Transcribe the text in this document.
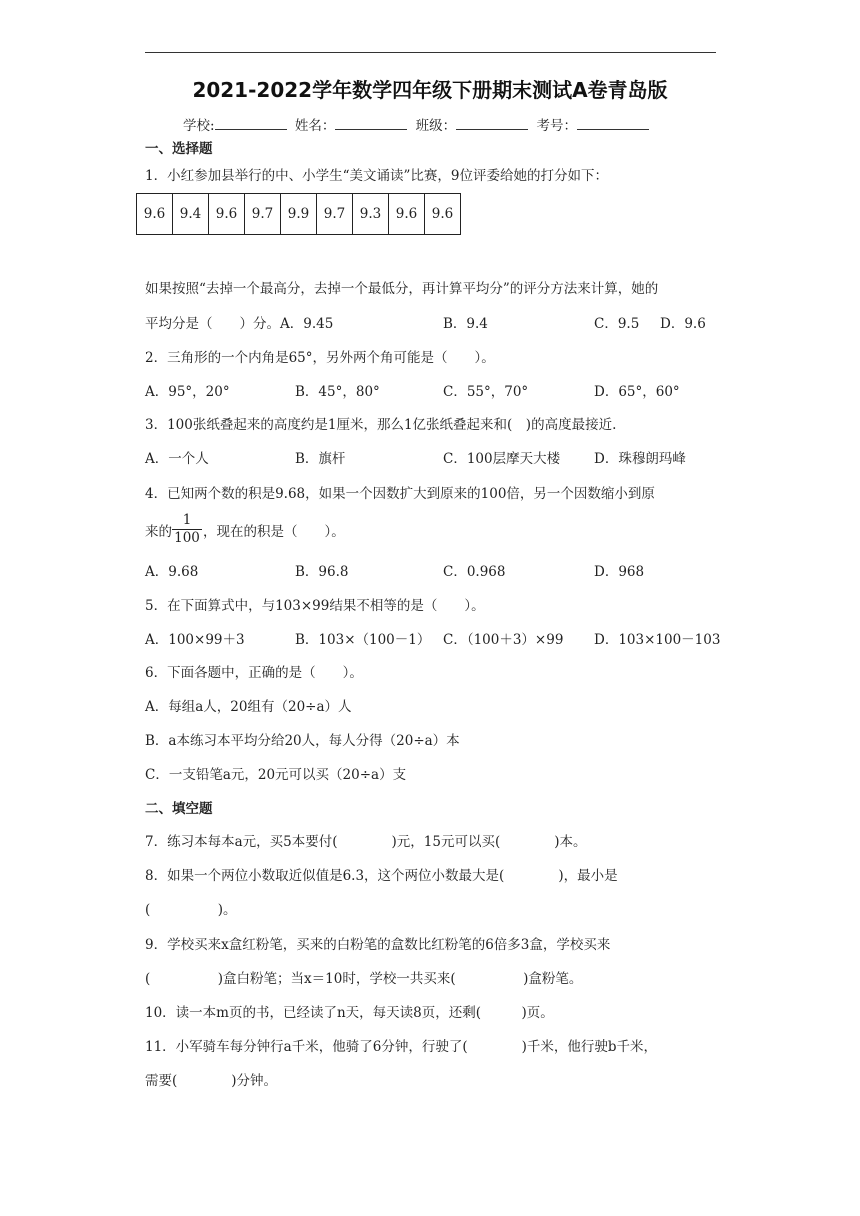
2021-2022学年数学四年级下册期末测试A卷青岛版
学校:	姓名：	班级：	考号：
一、选择题
1．小红参加县举行的中、小学生“美文诵读”比赛，9位评委给她的打分如下：
9.6	9.4	9.6	9.7	9.9	9.7	9.3	9.6	9.6
如果按照“去掉一个最高分，去掉一个最低分，再计算平均分”的评分方法来计算，她的
平均分是（　　）分。A．9.45	B．9.4	C．9.5 D．9.6
2．三角形的一个内角是65°，另外两个角可能是（　　）。
A．95°，20°	B．45°，80°	C．55°，70°	D．65°，60°
3．100张纸叠起来的高度约是1厘米，那么1亿张纸叠起来和(　)的高度最接近.
A．一个人	B．旗杆	C．100层摩天大楼	D．珠穆朗玛峰
4．已知两个数的积是9.68，如果一个因数扩大到原来的100倍，另一个因数缩小到原
来的 $\frac{1}{100}$ ，现在的积是（　　）。
A．9.68	B．96.8	C．0.968	D．968
5．在下面算式中，与103×99结果不相等的是（　　）。
A．100×99＋3	B．103×（100－1） C．（100＋3）×99 D．103×100－103
6．下面各题中，正确的是（　　）。
A．每组a人，20组有（20÷a）人
B．a本练习本平均分给20人，每人分得（20÷a）本
C．一支铅笔a元，20元可以买（20÷a）支
二、填空题
7．练习本每本a元，买5本要付(　　　　)元，15元可以买(　　　　)本。
8．如果一个两位小数取近似值是6.3，这个两位小数最大是(　　　　)，最小是
(　　　　　)。
9．学校买来x盒红粉笔，买来的白粉笔的盒数比红粉笔的6倍多3盒，学校买来
(　　　　　)盒白粉笔；当x＝10时，学校一共买来(　　　　　)盒粉笔。
10．读一本m页的书，已经读了n天，每天读8页，还剩(　　　)页。
11．小军骑车每分钟行a千米，他骑了6分钟，行驶了(　　　　)千米，他行驶b千米，
需要(　　　　)分钟。
